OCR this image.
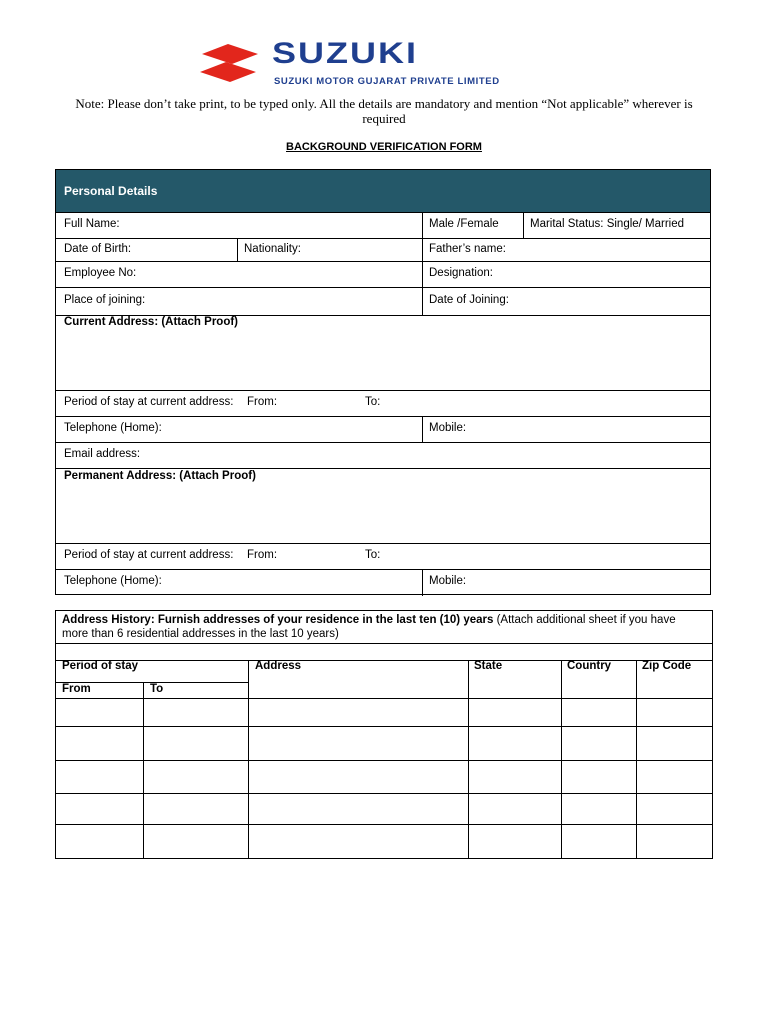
SUZUKI
SUZUKI MOTOR GUJARAT PRIVATE LIMITED
Note: Please don’t take print, to be typed only. All the details are mandatory and mention “Not applicable” wherever is required
BACKGROUND VERIFICATION FORM
Personal Details
Full Name:	Male /Female	Marital Status: Single/ Married
Date of Birth:	Nationality:	Father’s name:
Employee No:	Designation:
Place of joining:	Date of Joining:
Current Address: (Attach Proof)
Period of stay at current address: From:	To:
Telephone (Home):	Mobile:
Email address:
Permanent Address: (Attach Proof)
Period of stay at current address: From:	To:
Telephone (Home):	Mobile:
Address History: Furnish addresses of your residence in the last ten (10) years (Attach additional sheet if you have more than 6 residential addresses in the last 10 years)
Period of stay
From	To
Address	State	Country	Zip Code
